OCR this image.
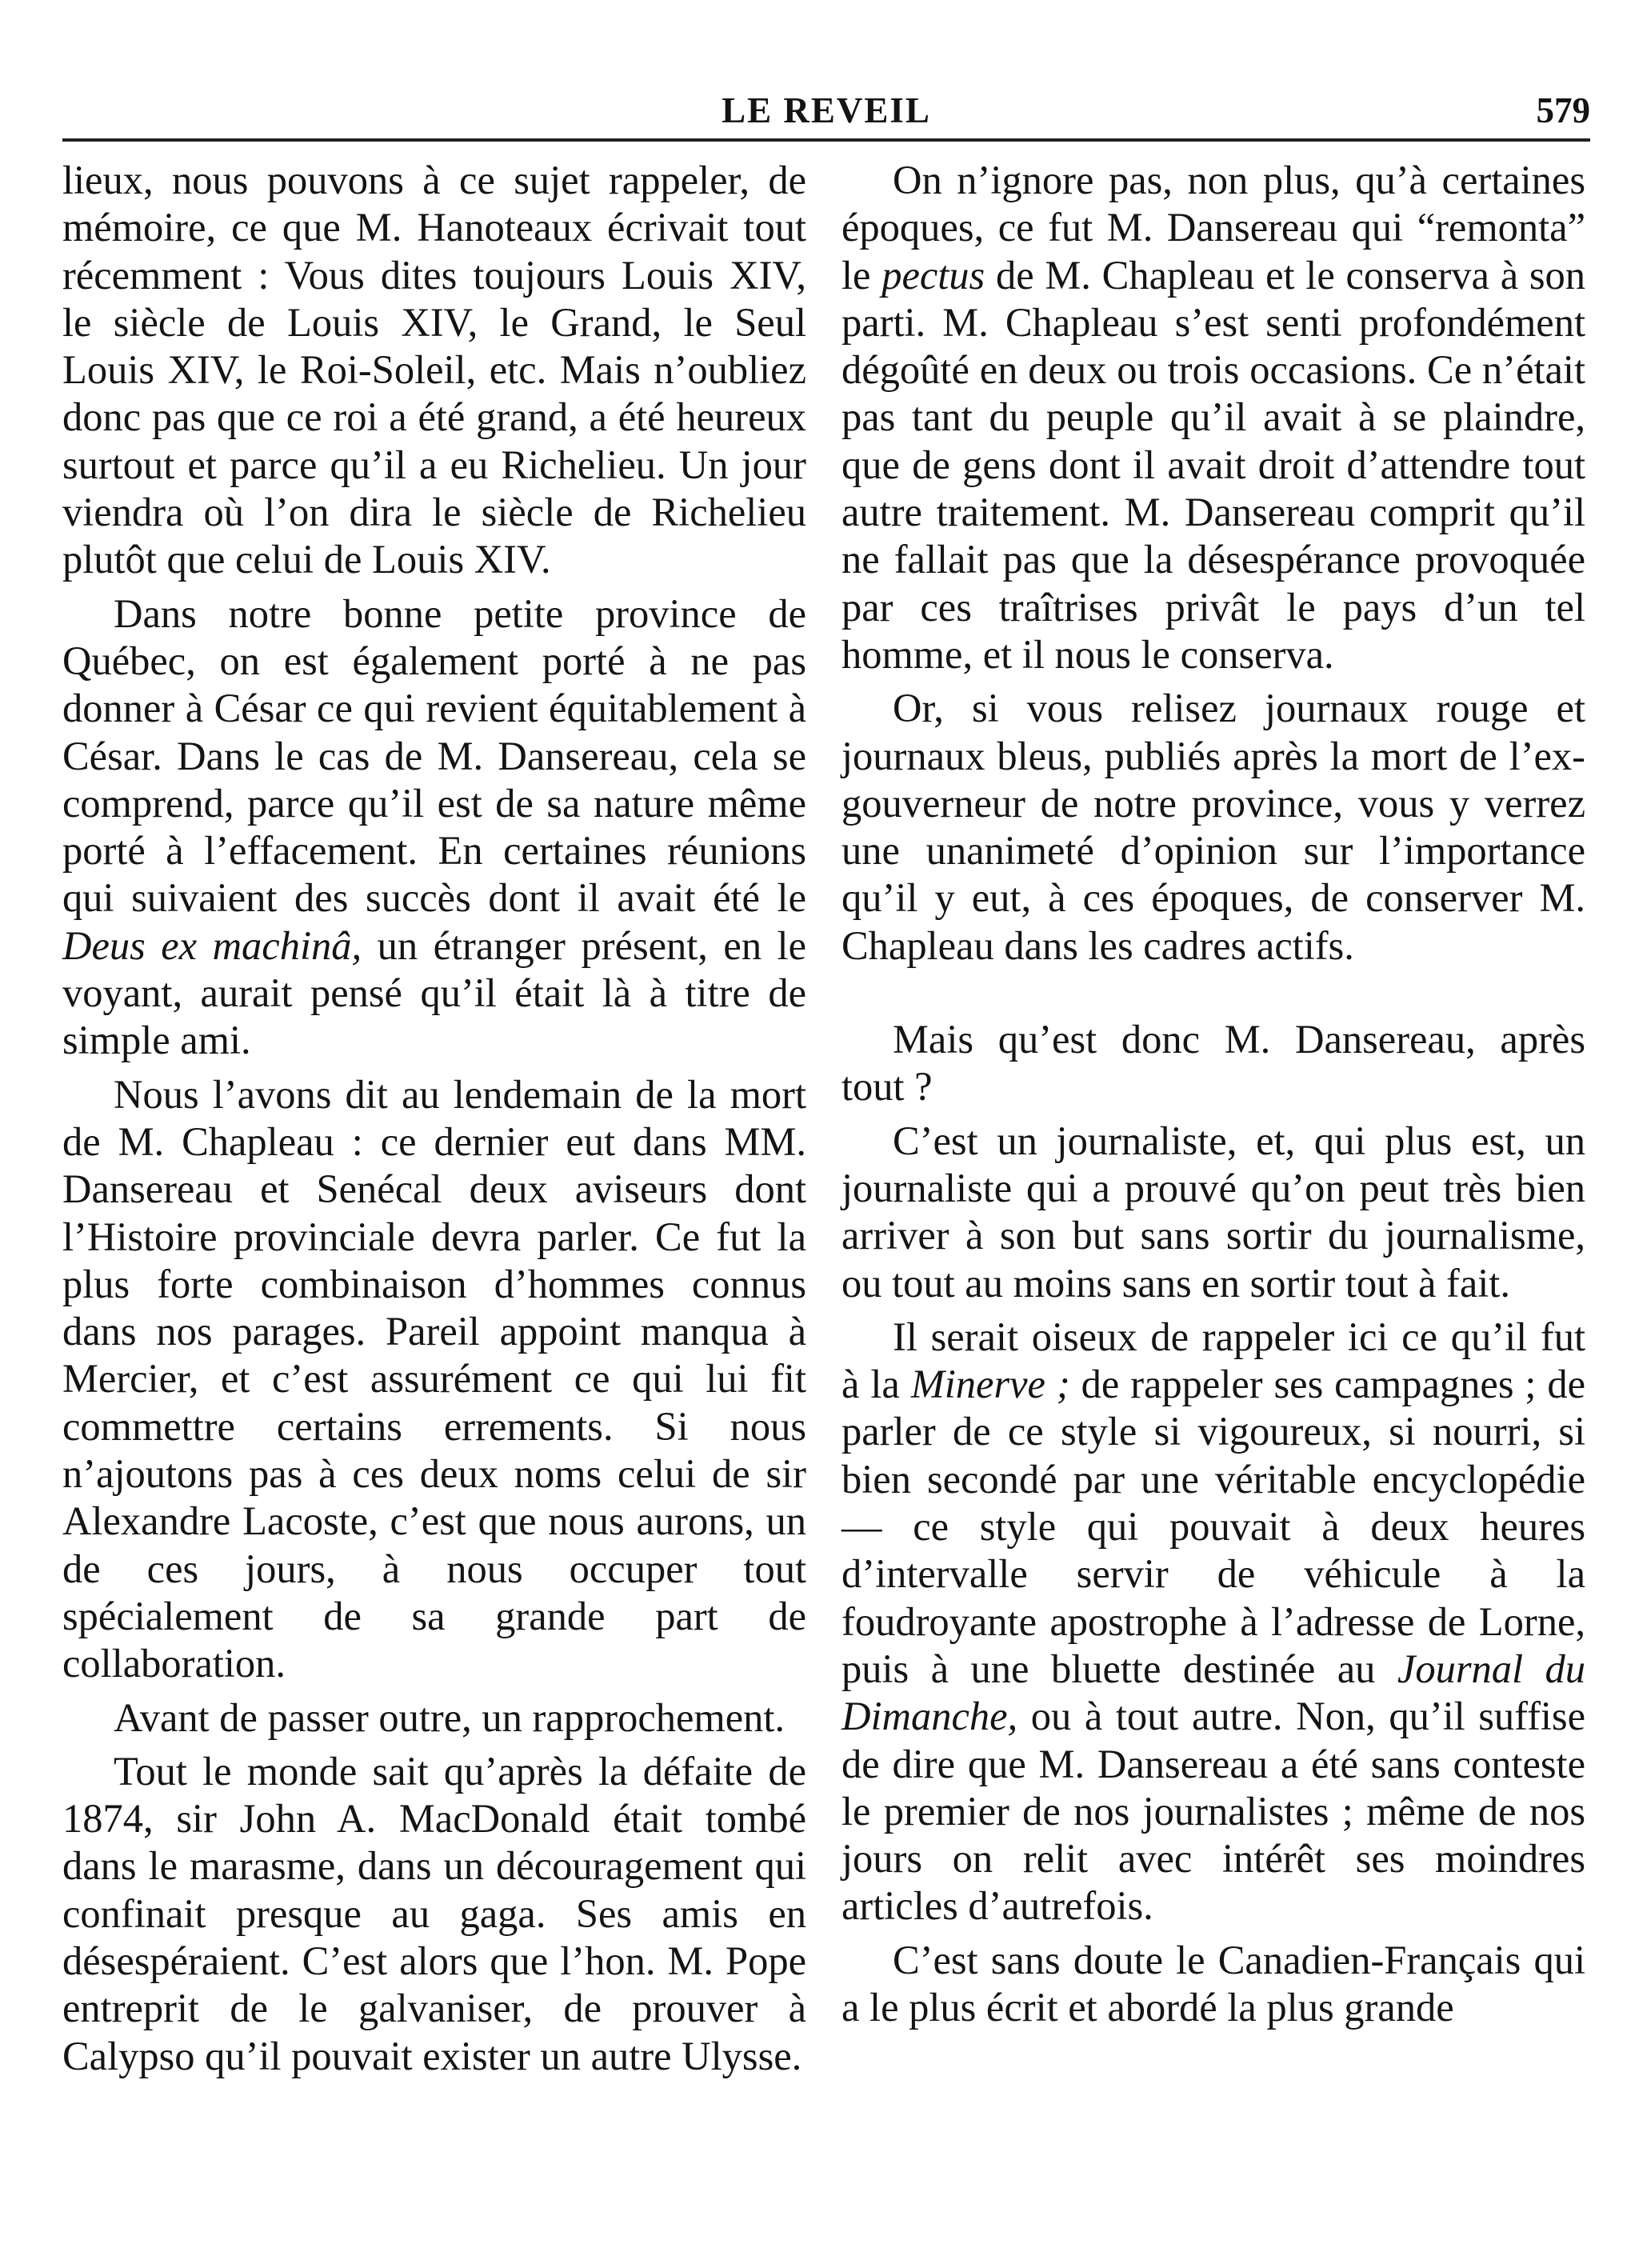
LE REVEIL	579

lieux, nous pouvons à ce sujet rappeler, de mémoire, ce que M. Hanoteaux écrivait tout récemment : Vous dites toujours Louis XIV, le siècle de Louis XIV, le Grand, le Seul Louis XIV, le Roi-Soleil, etc. Mais n’oubliez donc pas que ce roi a été grand, a été heureux surtout et parce qu’il a eu Richelieu. Un jour viendra où l’on dira le siècle de Richelieu plutôt que celui de Louis XIV.

Dans notre bonne petite province de Québec, on est également porté à ne pas donner à César ce qui revient équitablement à César. Dans le cas de M. Dansereau, cela se comprend, parce qu’il est de sa nature même porté à l’effacement. En certaines réunions qui suivaient des succès dont il avait été le Deus ex machinâ, un étranger présent, en le voyant, aurait pensé qu’il était là à titre de simple ami.

Nous l’avons dit au lendemain de la mort de M. Chapleau : ce dernier eut dans MM. Dansereau et Senécal deux aviseurs dont l’Histoire provinciale devra parler. Ce fut la plus forte combinaison d’hommes connus dans nos parages. Pareil appoint manqua à Mercier, et c’est assurément ce qui lui fit commettre certains errements. Si nous n’ajoutons pas à ces deux noms celui de sir Alexandre Lacoste, c’est que nous aurons, un de ces jours, à nous occuper tout spécialement de sa grande part de collaboration.

Avant de passer outre, un rapprochement.

Tout le monde sait qu’après la défaite de 1874, sir John A. MacDonald était tombé dans le marasme, dans un découragement qui confinait presque au gaga. Ses amis en désespéraient. C’est alors que l’hon. M. Pope entreprit de le galvaniser, de prouver à Calypso qu’il pouvait exister un autre Ulysse.

On n’ignore pas, non plus, qu’à certaines époques, ce fut M. Dansereau qui “remonta” le pectus de M. Chapleau et le conserva à son parti. M. Chapleau s’est senti profondément dégoûté en deux ou trois occasions. Ce n’était pas tant du peuple qu’il avait à se plaindre, que de gens dont il avait droit d’attendre tout autre traitement. M. Dansereau comprit qu’il ne fallait pas que la désespérance provoquée par ces traîtrises privât le pays d’un tel homme, et il nous le conserva.

Or, si vous relisez journaux rouge et journaux bleus, publiés après la mort de l’ex-gouverneur de notre province, vous y verrez une unanimeté d’opinion sur l’importance qu’il y eut, à ces époques, de conserver M. Chapleau dans les cadres actifs.

Mais qu’est donc M. Dansereau, après tout ?

C’est un journaliste, et, qui plus est, un journaliste qui a prouvé qu’on peut très bien arriver à son but sans sortir du journalisme, ou tout au moins sans en sortir tout à fait.

Il serait oiseux de rappeler ici ce qu’il fut à la Minerve ; de rappeler ses campagnes ; de parler de ce style si vigoureux, si nourri, si bien secondé par une véritable encyclopédie — ce style qui pouvait à deux heures d’intervalle servir de véhicule à la foudroyante apostrophe à l’adresse de Lorne, puis à une bluette destinée au Journal du Dimanche, ou à tout autre. Non, qu’il suffise de dire que M. Dansereau a été sans conteste le premier de nos journalistes ; même de nos jours on relit avec intérêt ses moindres articles d’autrefois.

C’est sans doute le Canadien-Français qui a le plus écrit et abordé la plus grande
